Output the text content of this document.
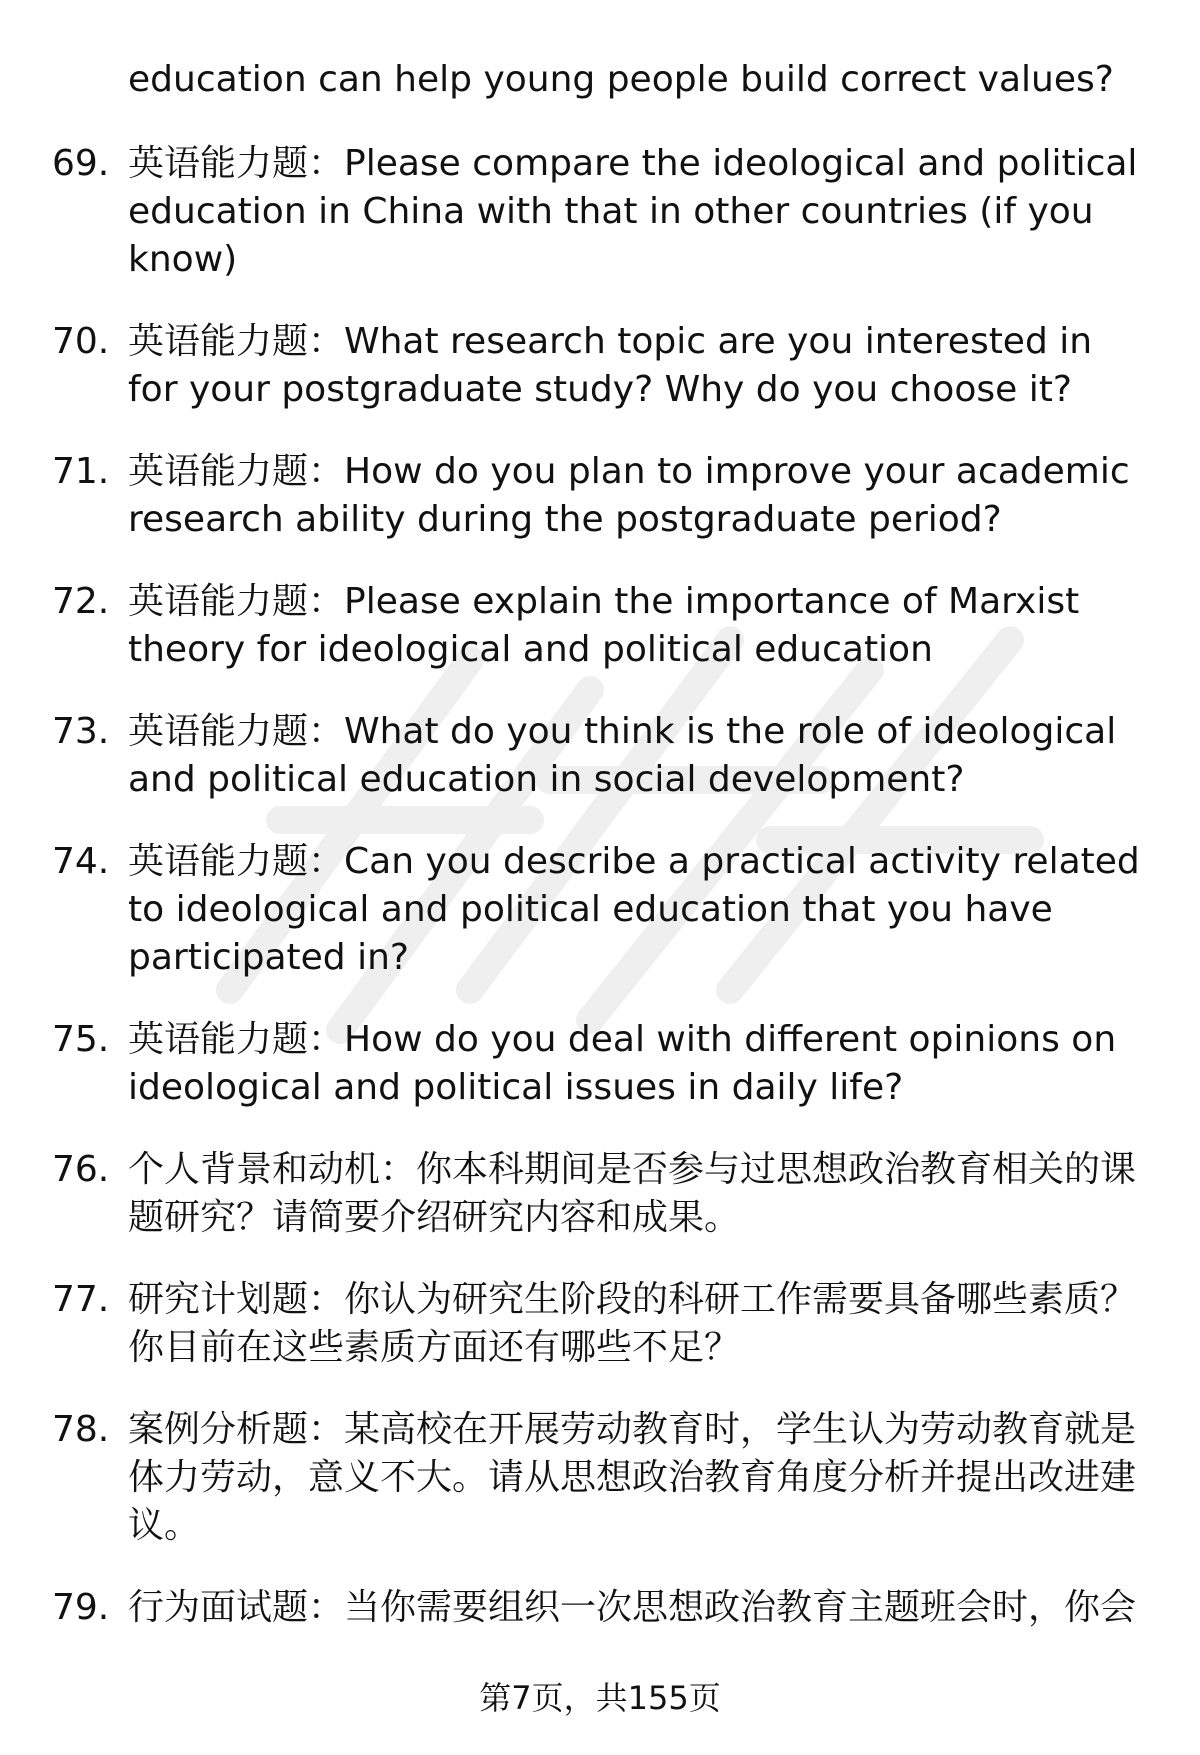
education can help young people build correct values?
69. 英语能力题：Please compare the ideological and political education in China with that in other countries (if you know)
70. 英语能力题：What research topic are you interested in for your postgraduate study? Why do you choose it?
71. 英语能力题：How do you plan to improve your academic research ability during the postgraduate period?
72. 英语能力题：Please explain the importance of Marxist theory for ideological and political education
73. 英语能力题：What do you think is the role of ideological and political education in social development?
74. 英语能力题：Can you describe a practical activity related to ideological and political education that you have participated in?
75. 英语能力题：How do you deal with different opinions on ideological and political issues in daily life?
76. 个人背景和动机：你本科期间是否参与过思想政治教育相关的课题研究？请简要介绍研究内容和成果。
77. 研究计划题：你认为研究生阶段的科研工作需要具备哪些素质？你目前在这些素质方面还有哪些不足？
78. 案例分析题：某高校在开展劳动教育时，学生认为劳动教育就是体力劳动，意义不大。请从思想政治教育角度分析并提出改进建议。
79. 行为面试题：当你需要组织一次思想政治教育主题班会时，你会
第7页，共155页
